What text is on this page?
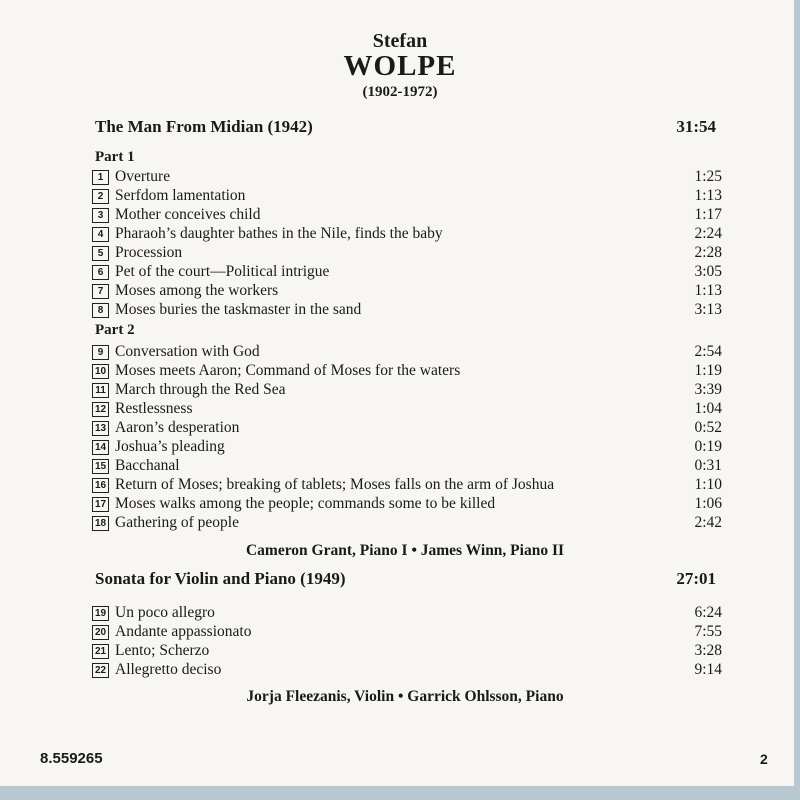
Stefan
WOLPE
(1902-1972)
The Man From Midian (1942)	31:54
Part 1
Part 2
1 Overture	1:25
2 Serfdom lamentation	1:13
3 Mother conceives child	1:17
4 Pharaoh’s daughter bathes in the Nile, finds the baby	2:24
5 Procession	2:28
6 Pet of the court—Political intrigue	3:05
7 Moses among the workers	1:13
8 Moses buries the taskmaster in the sand	3:13
9 Conversation with God	2:54
10 Moses meets Aaron; Command of Moses for the waters	1:19
11 March through the Red Sea	3:39
12 Restlessness	1:04
13 Aaron’s desperation	0:52
14 Joshua’s pleading	0:19
15 Bacchanal	0:31
16 Return of Moses; breaking of tablets; Moses falls on the arm of Joshua	1:10
17 Moses walks among the people; commands some to be killed	1:06
18 Gathering of people	2:42
Cameron Grant, Piano I • James Winn, Piano II
Sonata for Violin and Piano (1949)	27:01
19 Un poco allegro	6:24
20 Andante appassionato	7:55
21 Lento; Scherzo	3:28
22 Allegretto deciso	9:14
Jorja Fleezanis, Violin • Garrick Ohlsson, Piano
8.559265	2
